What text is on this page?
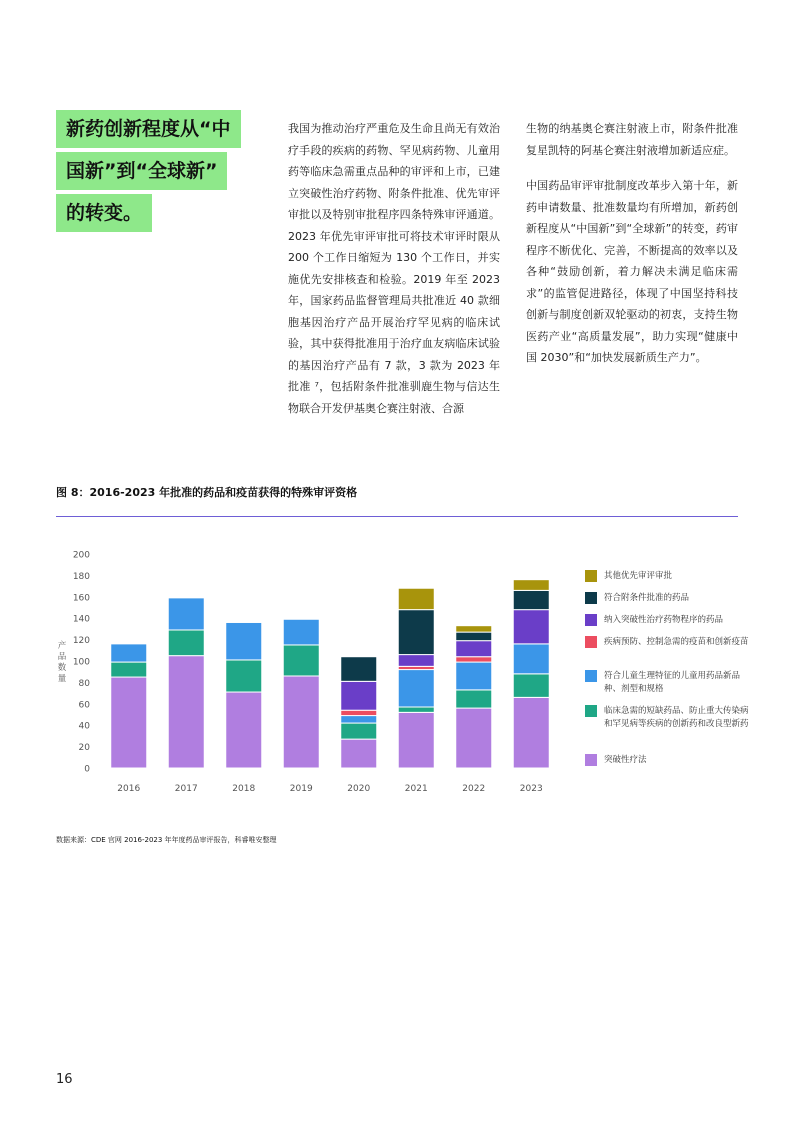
新药创新程度从“中
国新”到“全球新”
的转变。

我国为推动治疗严重危及生命且尚无有效治疗手段的疾病的药物、罕见病药物、儿童用药等临床急需重点品种的审评和上市，已建立突破性治疗药物、附条件批准、优先审评审批以及特别审批程序四条特殊审评通道。2023 年优先审评审批可将技术审评时限从 200 个工作日缩短为 130 个工作日，并实施优先安排核查和检验。2019 年至 2023 年，国家药品监督管理局共批准近 40 款细胞基因治疗产品开展治疗罕见病的临床试验，其中获得批准用于治疗血友病临床试验的基因治疗产品有 7 款，3 款为 2023 年批准 ⁷，包括附条件批准驯鹿生物与信达生物联合开发伊基奥仑赛注射液、合源

生物的纳基奥仑赛注射液上市，附条件批准复星凯特的阿基仑赛注射液增加新适应症。

中国药品审评审批制度改革步入第十年，新药申请数量、批准数量均有所增加，新药创新程度从“中国新”到“全球新”的转变，药审程序不断优化、完善，不断提高的效率以及各种“鼓励创新，着力解决未满足临床需求”的监管促进路径，体现了中国坚持科技创新与制度创新双轮驱动的初衷，支持生物医药产业“高质量发展”，助力实现“健康中国 2030”和“加快发展新质生产力”。

图 8：2016-2023 年批准的药品和疫苗获得的特殊审评资格
0
20
40
60
80
100
120
140
160
180
200
产
品
数
量
2016	2017	2018	2019	2020	2021	2022	2023
其他优先审评审批
符合附条件批准的药品
纳入突破性治疗药物程序的药品
疾病预防、控制急需的疫苗和创新疫苗
符合儿童生理特征的儿童用药品新品种、剂型和规格
临床急需的短缺药品、防止重大传染病和罕见病等疾病的创新药和改良型新药
突破性疗法
数据来源：CDE 官网 2016-2023 年年度药品审评报告，科睿唯安整理
16
